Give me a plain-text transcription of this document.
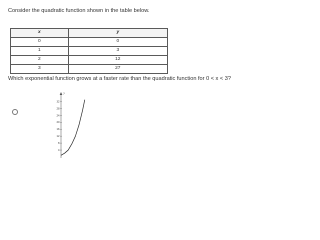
Consider the quadratic function shown in the table below.
x	y
0	0
1	3
2	12
3	27
Which exponential function grows at a faster rate than the quadratic function for 0 < x < 3?
y
32
28
24
20
16
12
8
4
